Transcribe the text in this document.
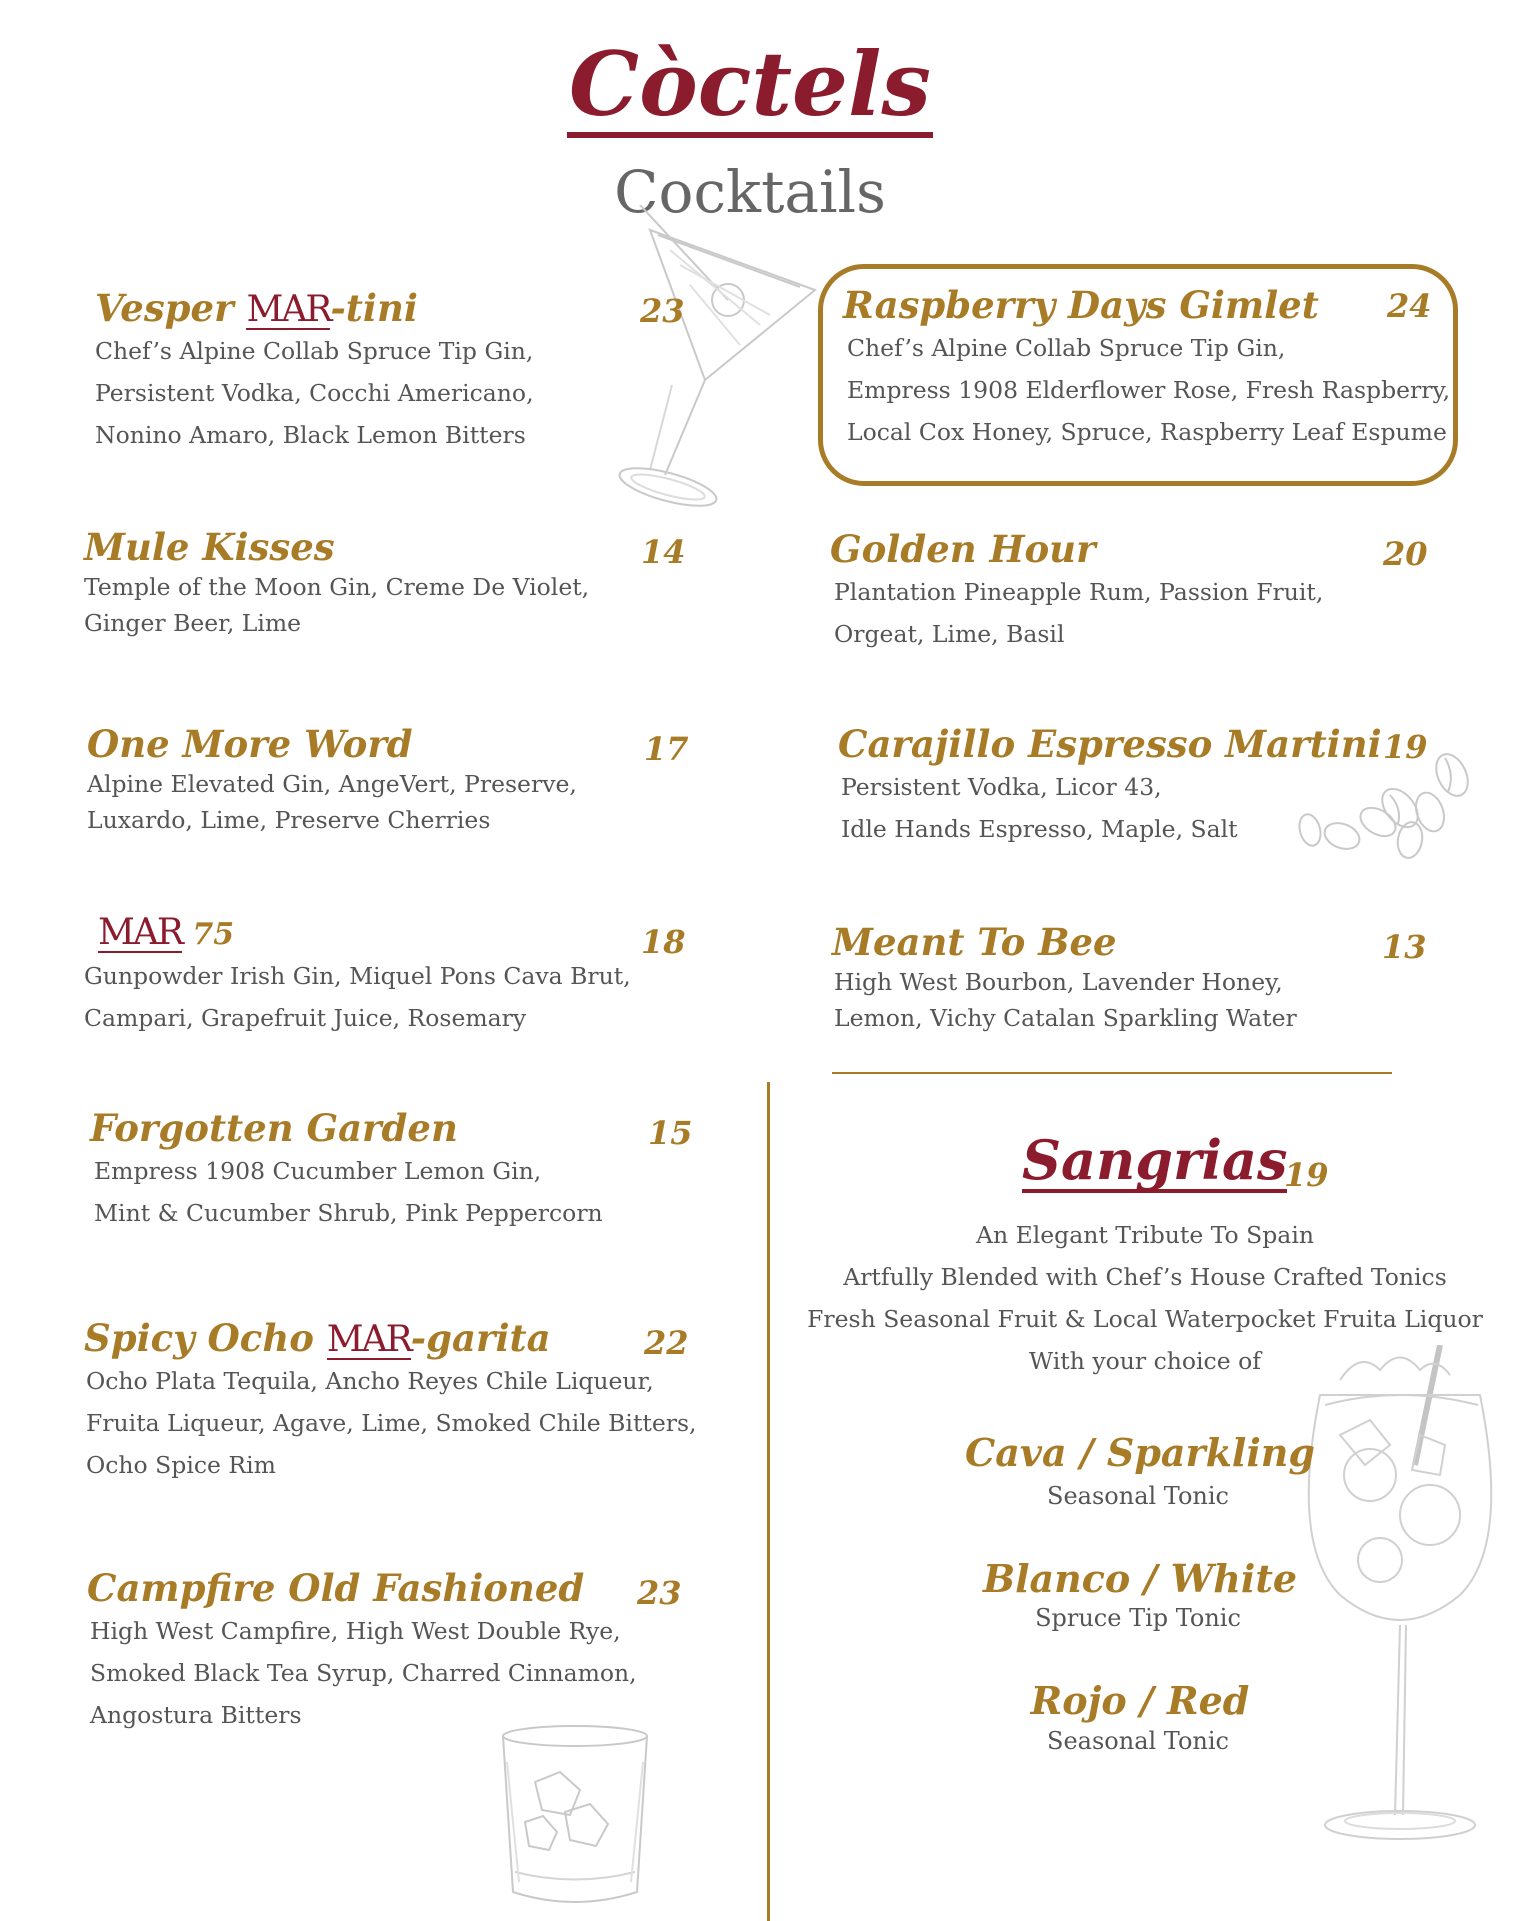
Còctels
Cocktails
Vesper MAR-tini	23
Chef’s Alpine Collab Spruce Tip Gin,
Persistent Vodka, Cocchi Americano,
Nonino Amaro, Black Lemon Bitters
Mule Kisses	14
Temple of the Moon Gin, Creme De Violet,
Ginger Beer, Lime
One More Word	17
Alpine Elevated Gin, AngeVert, Preserve,
Luxardo, Lime, Preserve Cherries
MAR 75	18
Gunpowder Irish Gin, Miquel Pons Cava Brut,
Campari, Grapefruit Juice, Rosemary
Forgotten Garden	15
Empress 1908 Cucumber Lemon Gin,
Mint & Cucumber Shrub, Pink Peppercorn
Spicy Ocho MAR-garita	22
Ocho Plata Tequila, Ancho Reyes Chile Liqueur,
Fruita Liqueur, Agave, Lime, Smoked Chile Bitters,
Ocho Spice Rim
Campfire Old Fashioned	23
High West Campfire, High West Double Rye,
Smoked Black Tea Syrup, Charred Cinnamon,
Angostura Bitters
Raspberry Days Gimlet	24
Chef’s Alpine Collab Spruce Tip Gin,
Empress 1908 Elderflower Rose, Fresh Raspberry,
Local Cox Honey, Spruce, Raspberry Leaf Espume
Golden Hour	20
Plantation Pineapple Rum, Passion Fruit,
Orgeat, Lime, Basil
Carajillo Espresso Martini 19
Persistent Vodka, Licor 43,
Idle Hands Espresso, Maple, Salt
Meant To Bee	13
High West Bourbon, Lavender Honey,
Lemon, Vichy Catalan Sparkling Water
Sangrias
19
An Elegant Tribute To Spain
Artfully Blended with Chef’s House Crafted Tonics
Fresh Seasonal Fruit & Local Waterpocket Fruita Liquor
With your choice of
Cava / Sparkling
Seasonal Tonic
Blanco / White
Spruce Tip Tonic
Rojo / Red
Seasonal Tonic
